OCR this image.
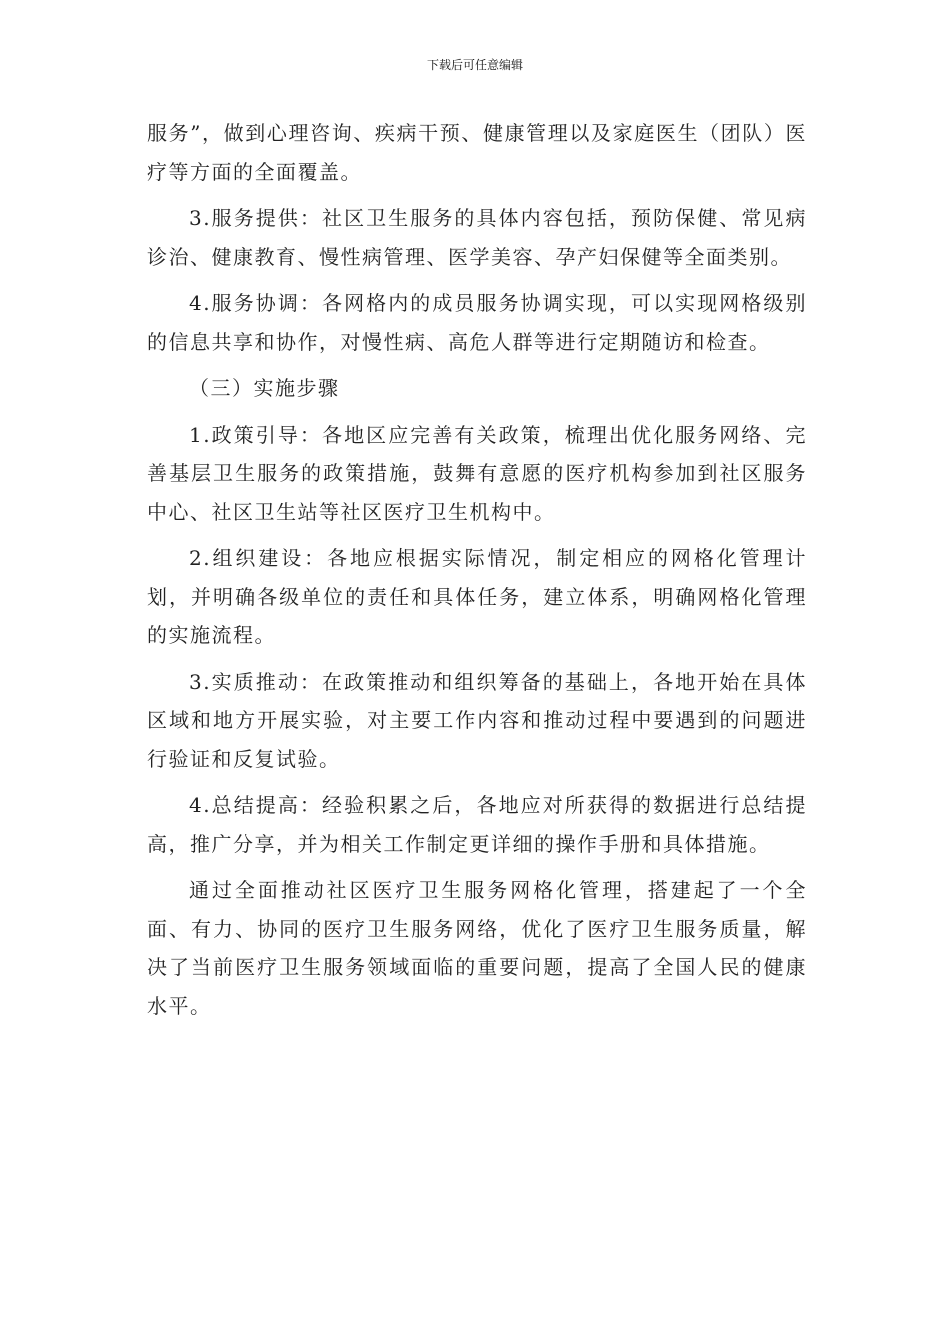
下载后可任意编辑

服务”，做到心理咨询、疾病干预、健康管理以及家庭医生（团队）医疗等方面的全面覆盖。

3.服务提供：社区卫生服务的具体内容包括，预防保健、常见病诊治、健康教育、慢性病管理、医学美容、孕产妇保健等全面类别。

4.服务协调：各网格内的成员服务协调实现，可以实现网格级别的信息共享和协作，对慢性病、高危人群等进行定期随访和检查。

（三）实施步骤

1.政策引导：各地区应完善有关政策，梳理出优化服务网络、完善基层卫生服务的政策措施，鼓舞有意愿的医疗机构参加到社区服务中心、社区卫生站等社区医疗卫生机构中。

2.组织建设：各地应根据实际情况，制定相应的网格化管理计划，并明确各级单位的责任和具体任务，建立体系，明确网格化管理的实施流程。

3.实质推动：在政策推动和组织筹备的基础上，各地开始在具体区域和地方开展实验，对主要工作内容和推动过程中要遇到的问题进行验证和反复试验。

4.总结提高：经验积累之后，各地应对所获得的数据进行总结提高，推广分享，并为相关工作制定更详细的操作手册和具体措施。

通过全面推动社区医疗卫生服务网格化管理，搭建起了一个全面、有力、协同的医疗卫生服务网络，优化了医疗卫生服务质量，解决了当前医疗卫生服务领域面临的重要问题，提高了全国人民的健康水平。
